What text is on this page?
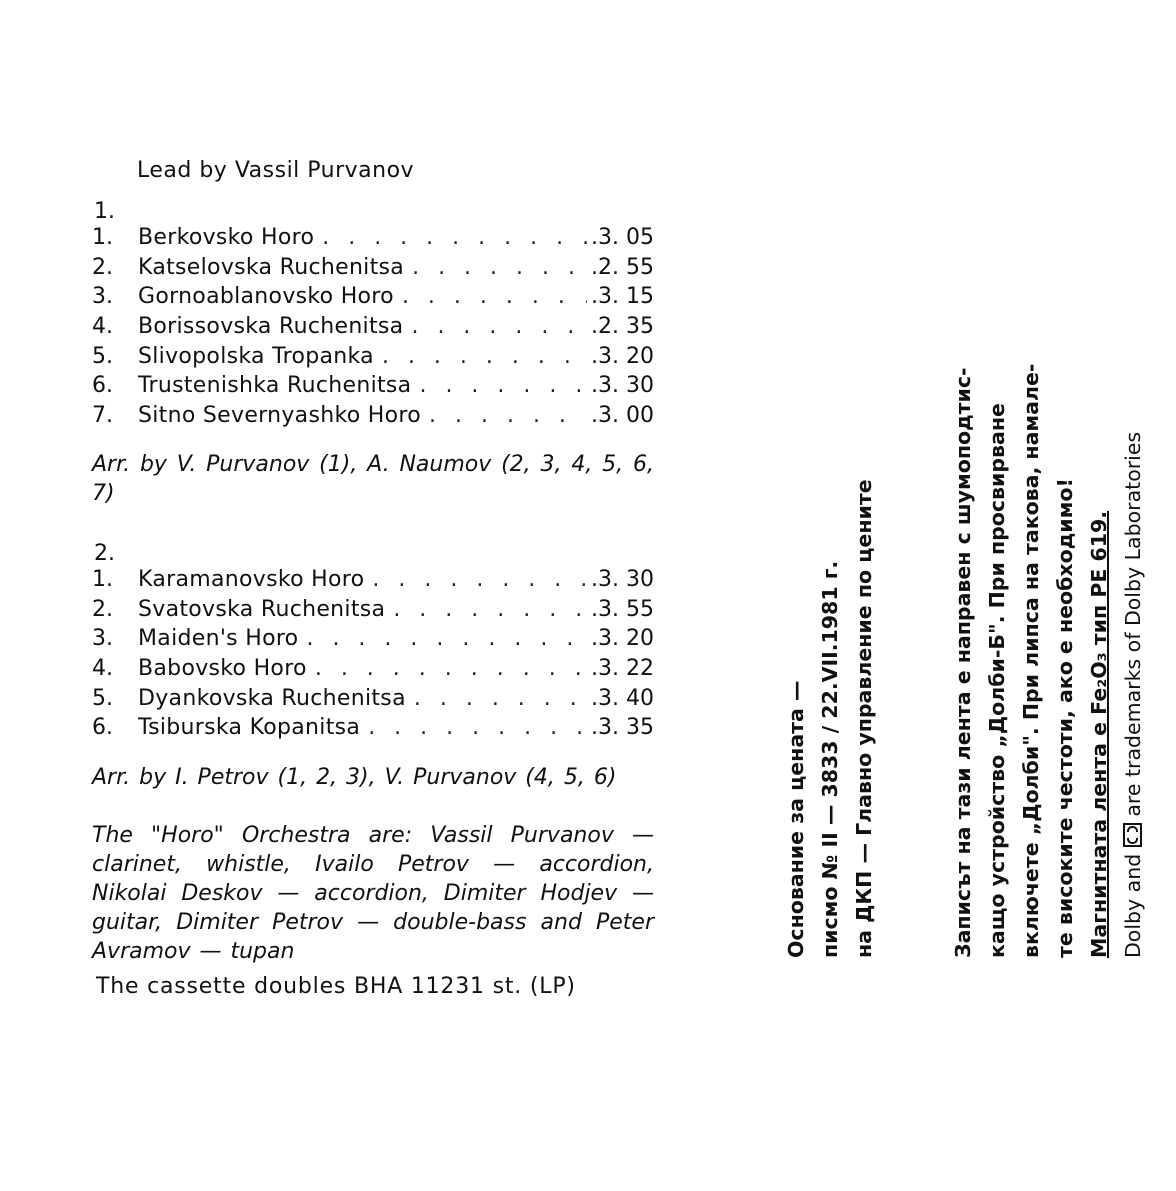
Lead by Vassil Purvanov
1.
1.	Berkovsko Horo . . .	.3. 05
2.	Katselovska Ruchenitsa . . .	.2. 55
3.	Gornoablanovsko Horo . . .	.3. 15
4.	Borissovska Ruchenitsa . . .	.2. 35
5.	Slivopolska Tropanka . . .	.3. 20
6.	Trustenishka Ruchenitsa . . .	.3. 30
7.	Sitno Severnyashko Horo . . .	.3. 00
Arr. by V. Purvanov (1), A. Naumov (2, 3, 4, 5, 6, 7)
2.
1.	Karamanovsko Horo . . .	.3. 30
2.	Svatovska Ruchenitsa . . .	.3. 55
3.	Maiden's Horo . . .	.3. 20
4.	Babovsko Horo . . .	.3. 22
5.	Dyankovska Ruchenitsa . . .	.3. 40
6.	Tsiburska Kopanitsa . . .	.3. 35
Arr. by I. Petrov (1, 2, 3), V. Purvanov (4, 5, 6)
The "Horo" Orchestra are: Vassil Purvanov — clarinet, whistle, Ivailo Petrov — accordion, Nikolai Deskov — accordion, Dimiter Hodjev — guitar, Dimiter Petrov — double-bass and Peter Avramov — tupan
The cassette doubles BHA 11231 st. (LP)
Основание за цената — писмо № II — 3833 / 22.VII.1981 г. на ДКП — Главно управление по цените	Записът на тази лента е направен с шумоподтис- кащо устройство „Долби-Б". При просвирване включете „Долби". При липса на такова, намале- те високите честоти, ако е необходимо! Магнитната лента е Fe₂O₃ тип PE 619. Dolby and  are trademarks of Dolby Laboratories
